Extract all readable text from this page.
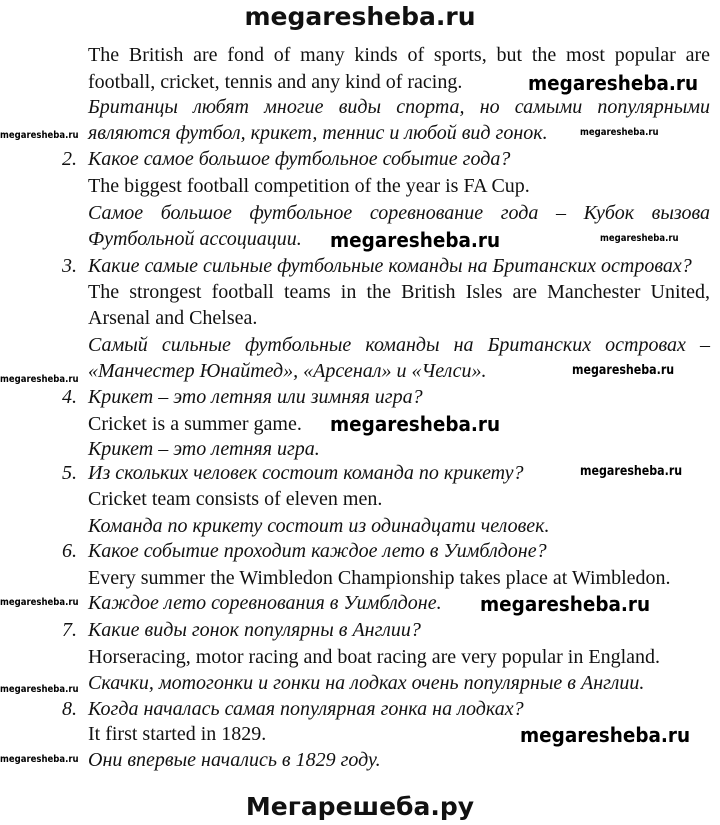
megaresheba.ru
The British are fond of many kinds of sports, but the most popular are
football, cricket, tennis and any kind of racing.
Британцы любят многие виды спорта, но самыми популярными
являются футбол, крикет, теннис и любой вид гонок.
2. Какое самое большое футбольное событие года?
The biggest football competition of the year is FA Cup.
Самое большое футбольное соревнование года – Кубок вызова
Футбольной ассоциации.
3. Какие самые сильные футбольные команды на Британских островах?
The strongest football teams in the British Isles are Manchester United,
Arsenal and Chelsea.
Самый сильные футбольные команды на Британских островах –
«Манчестер Юнайтед», «Арсенал» и «Челси».
4. Крикет – это летняя или зимняя игра?
Cricket is a summer game.
Крикет – это летняя игра.
5. Из скольких человек состоит команда по крикету?
Cricket team consists of eleven men.
Команда по крикету состоит из одинадцати человек.
6. Какое событие проходит каждое лето в Уимблдоне?
Every summer the Wimbledon Championship takes place at Wimbledon.
Каждое лето соревнования в Уимблдоне.
7. Какие виды гонок популярны в Англии?
Horseracing, motor racing and boat racing are very popular in England.
Скачки, мотогонки и гонки на лодках очень популярные в Англии.
8. Когда началась самая популярная гонка на лодках?
It first started in 1829.
Они впервые начались в 1829 году.
megaresheba.ru
megaresheba.ru
megaresheba.ru
megaresheba.ru	megaresheba.ru
megaresheba.ru
megaresheba.ru
megaresheba.ru
megaresheba.ru
megaresheba.ru	megaresheba.ru
megaresheba.ru
megaresheba.ru
megaresheba.ru
Мегарешеба.ру
